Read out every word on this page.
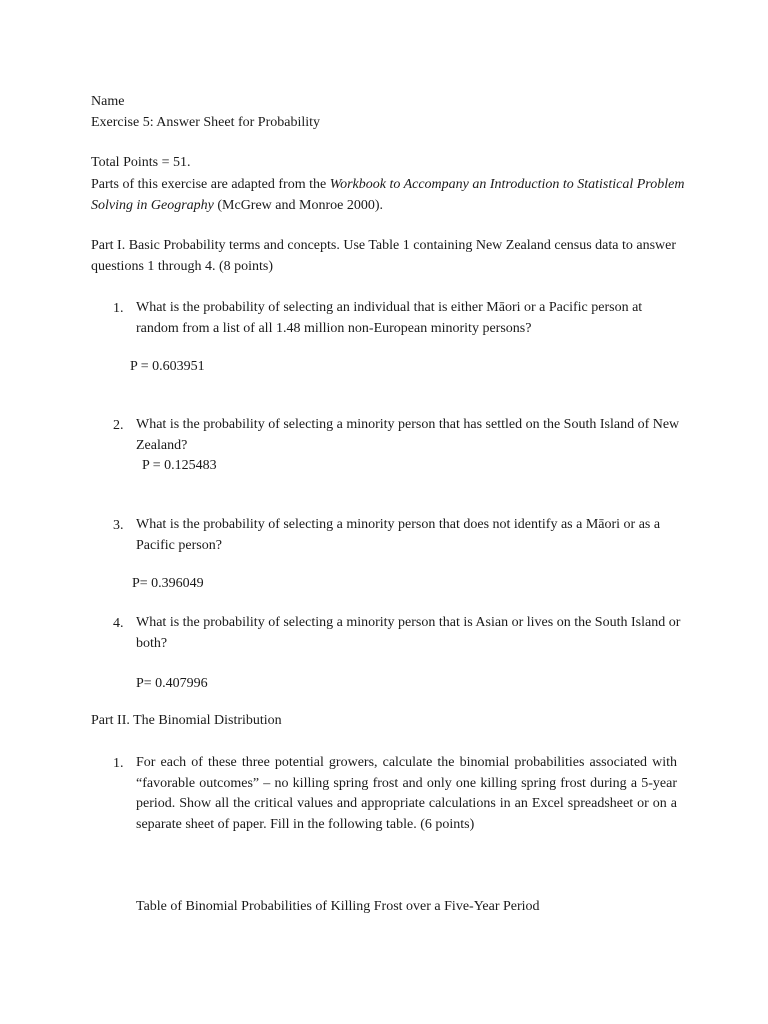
Name
Exercise 5: Answer Sheet for Probability
Total Points = 51.
Parts of this exercise are adapted from the Workbook to Accompany an Introduction to Statistical Problem Solving in Geography (McGrew and Monroe 2000).
Part I. Basic Probability terms and concepts. Use Table 1 containing New Zealand census data to answer questions 1 through 4. (8 points)
1. What is the probability of selecting an individual that is either Māori or a Pacific person at random from a list of all 1.48 million non-European minority persons?
P = 0.603951
2. What is the probability of selecting a minority person that has settled on the South Island of New Zealand?
P = 0.125483
3. What is the probability of selecting a minority person that does not identify as a Māori or as a Pacific person?
P= 0.396049
4. What is the probability of selecting a minority person that is Asian or lives on the South Island or both?
P= 0.407996
Part II. The Binomial Distribution
1. For each of these three potential growers, calculate the binomial probabilities associated with “favorable outcomes” – no killing spring frost and only one killing spring frost during a 5-year period. Show all the critical values and appropriate calculations in an Excel spreadsheet or on a separate sheet of paper. Fill in the following table. (6 points)
Table of Binomial Probabilities of Killing Frost over a Five-Year Period
